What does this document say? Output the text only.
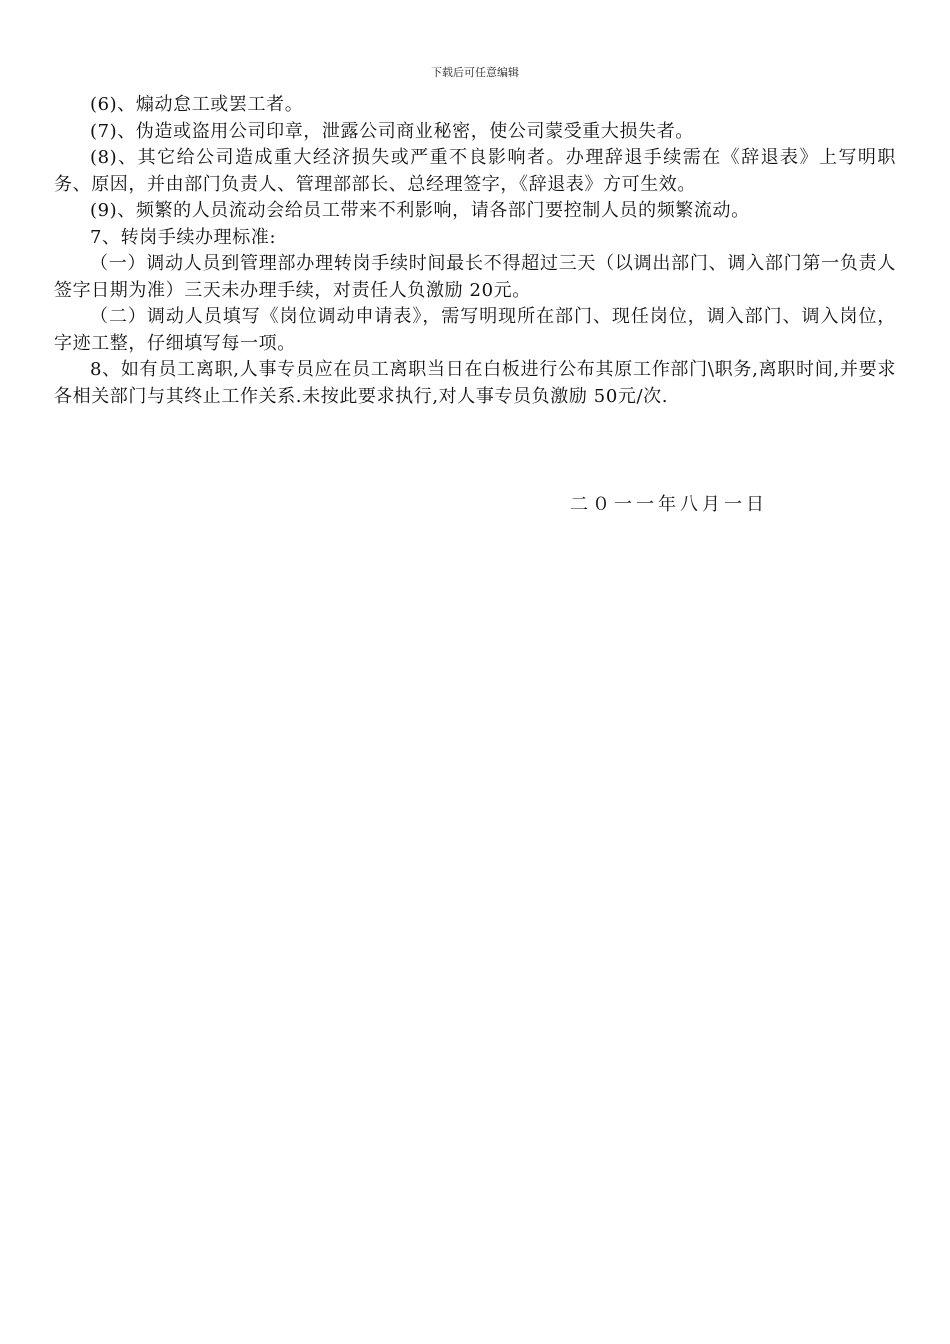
下载后可任意编辑

(6)、煽动怠工或罢工者。

(7)、伪造或盗用公司印章，泄露公司商业秘密，使公司蒙受重大损失者。

(8)、其它给公司造成重大经济损失或严重不良影响者。办理辞退手续需在《辞退表》上写明职务、原因，并由部门负责人、管理部部长、总经理签字，《辞退表》方可生效。

(9)、频繁的人员流动会给员工带来不利影响，请各部门要控制人员的频繁流动。

7、转岗手续办理标准:

（一）调动人员到管理部办理转岗手续时间最长不得超过三天（以调出部门、调入部门第一负责人签字日期为准）三天未办理手续，对责任人负激励 20元。

（二）调动人员填写《岗位调动申请表》，需写明现所在部门、现任岗位，调入部门、调入岗位，字迹工整，仔细填写每一项。

8、如有员工离职,人事专员应在员工离职当日在白板进行公布其原工作部门\职务,离职时间,并要求各相关部门与其终止工作关系.未按此要求执行,对人事专员负激励 50元/次.

二０一一年八月一日
